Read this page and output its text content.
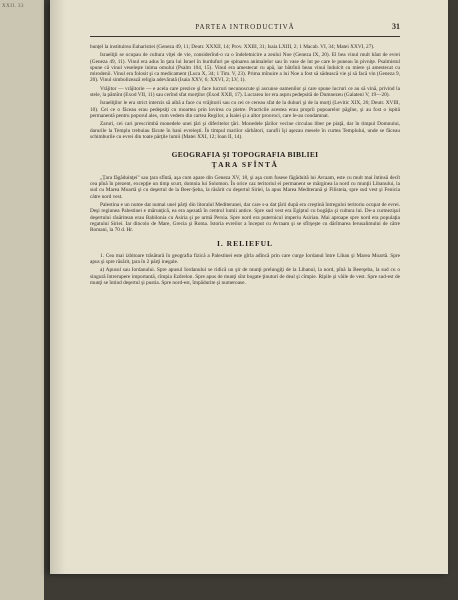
XXII. 33
PARTEA INTRODUCTIVĂ	31

bunţel la instituirea Euharistiei (Geneza 49, 11; Deutr. XXXII, 14; Prov. XXIII, 31; Isaia LXIII, 2; 1 Macab. VI, 34; Matei XXVI, 27).

Israeliţii se ocupau de cultura viţei de vie, considerînd-o ca o îndeletnicire a zeului Noe (Geneza IX, 20). El bea vinul mult băut de evrei (Geneza 49, 11). Vinul era adus în ţara lui Israel în burdufuri pe spinarea animalelor sau în vase de lut pe care le puneau în pivniţe. Psalmistul spune că vinul veseleşte inima omului (Psalm 104, 15). Vinul era amestecat cu apă, iar bătrînii beau vinul îndulcit cu miere şi amestecat cu mirodenii. Vinul era folosit şi ca medicament (Luca X, 34; 1 Tim. V, 23). Prima mînuire a lui Noe a fost să sădească vie şi să facă vin (Geneza 9, 20). Vinul simbolizează religia adevărată (Isaia XXV, 6; XXVI, 2; LV, 1).

Vrăjitor — vrăjitorie — e acela care prezice şi face lucruri necunoscute şi ascunse oamenilor şi care spune lucruri ce au să vină, privind la stele, la pămînt (Exod VII, 11) sau cerînd sfat morţilor (Exod XXII, 17). Lucrarea lor era aspru pedepsită de Dumnezeu (Galateni V, 19—20).

Israeliţilor le era strict interzis să aibă a face cu vrăjitorii sau cu cei ce cereau sfat de la duhuri şi de la morţi (Levitic XIX, 26; Deutr. XVIII, 10). Cei ce o făceau erau pedepsiţi cu moartea prin lovirea cu pietre. Practicile acestea erau proprii popoarelor păgîne, şi au fost o ispită permanentă pentru poporul ales, cum vedem din cartea Regilor, a Isaiei şi a altor prooroci, care le-au condamnat.

Zaruri, cei cari prescrimbă monedele unei ţări şi diferitelor ţări. Monedele ţărilor vecine circulau liber pe piaţă, dar în timpul Domnului, darurile la Templu trebuiau făcute în bani evreieşti. În timpul marilor sărbători, zarafii îşi aşezau mesele în curtea Templului, unde se făceau schimburile cu evrei din toate părţile lumii (Matei XXI, 12; Ioan II, 14).

GEOGRAFIA ŞI TOPOGRAFIA BIBLIEI
ŢARA SFÎNTĂ

„Ţara făgăduinţei" sau ţara sfîntă, aşa cum apare din Geneza XV, 18, şi aşa cum fusese făgăduită lui Avraam, este cu mult mai întinsă decît cea pînă în prezent, excepţie un timp scurt, domnia lui Solomon. În orice caz teritoriul ei permanent se mărginea la nord cu munţii Libanului, la sud cu Marea Moartă şi cu deşertul de la Beer-Şeba, la răsărit cu deşertul Siriei, la apus Marea Mediterană şi Filisteia, spre sud vest şi Fenicia către nord vest.

Palestina e un nume dat numai unei părţi din litoralul Mediteranei, dar care s-a dat ţării după era creştină întregului teritoriu ocupat de evrei. Deşi regiunea Palestinei e mărunţică, ea era aşezată în centrul lumii antice. Spre sud vest era Egiptul cu bogăţia şi cultura lui. De-a curmezişul deşertului răsăritean erau Babilonia cu Asiria şi pe urmă Persia. Spre nord era puternicul imperiu Asirian. Mai aproape spre nord era populaţia regatului Siriei. Iar dincolo de Mare, Grecia şi Roma. Istoria evreilor a început cu Avraam şi se sfîrşeşte cu dărîmarea Ierusalimului de către Romani, la 70 d. Hr.

I. RELIEFUL

1. Cea mai izbitoare trăsătură în geografia fizică a Palestinei este gîrla adîncă prin care curge Iordanul între Liban şi Marea Moartă. Spre apus şi spre răsărit, ţara în 2 părţi inegale.

a) Apusul sau Iordanului. Spre apusul Iordanului se ridică un şir de munţi prelungiţi de la Libanul, la nord, pînă la Beerşeba, la sud cu o singură întrerupere importantă, cîmpia Ezdrelon. Spre apus de munţi sînt bogate ţinuturi de deal şi cîmpie. Ripile şi văile de vest. Spre sud-est de munţi se întind deşertul şi pustia. Spre nord-est, împădurite şi numeroase.
